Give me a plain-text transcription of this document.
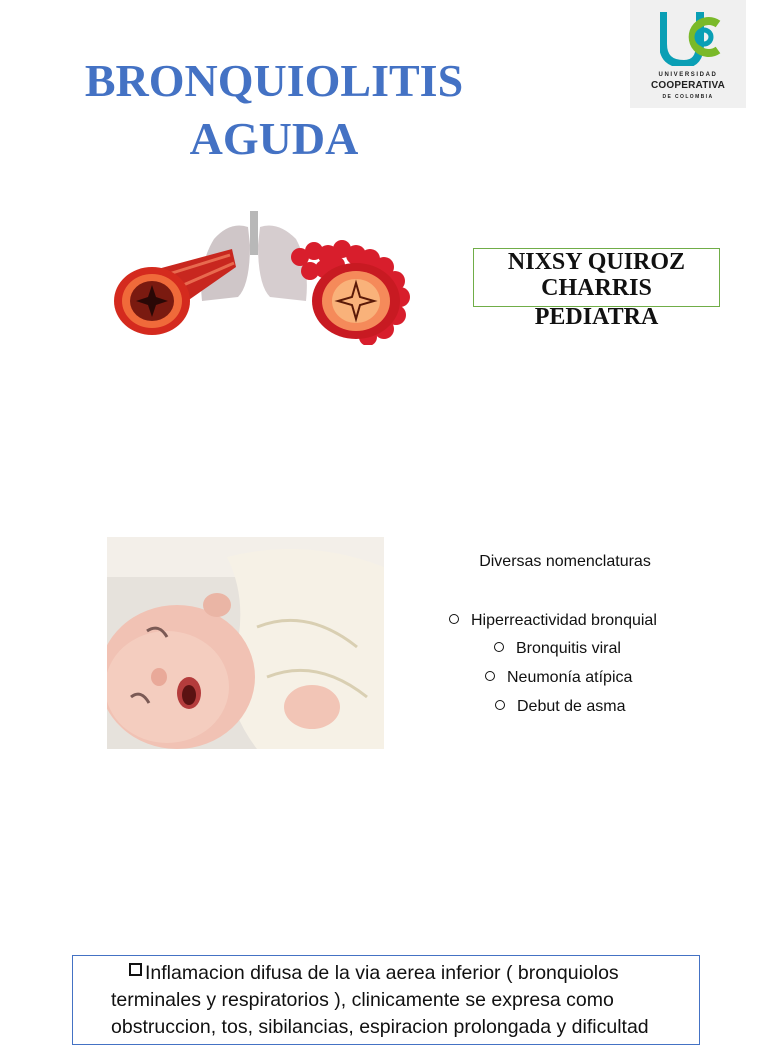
BRONQUIOLITIS
AGUDA
UNIVERSIDAD
COOPERATIVA
DE COLOMBIA
NIXSY QUIROZ
CHARRIS
PEDIATRA
Diversas nomenclaturas
Hiperreactividad bronquial
Bronquitis viral
Neumonía atípica
Debut de asma
Inflamacion difusa de la via aerea inferior ( bronquiolos terminales y respiratorios ), clinicamente se expresa como obstruccion, tos, sibilancias, espiracion prolongada y dificultad
